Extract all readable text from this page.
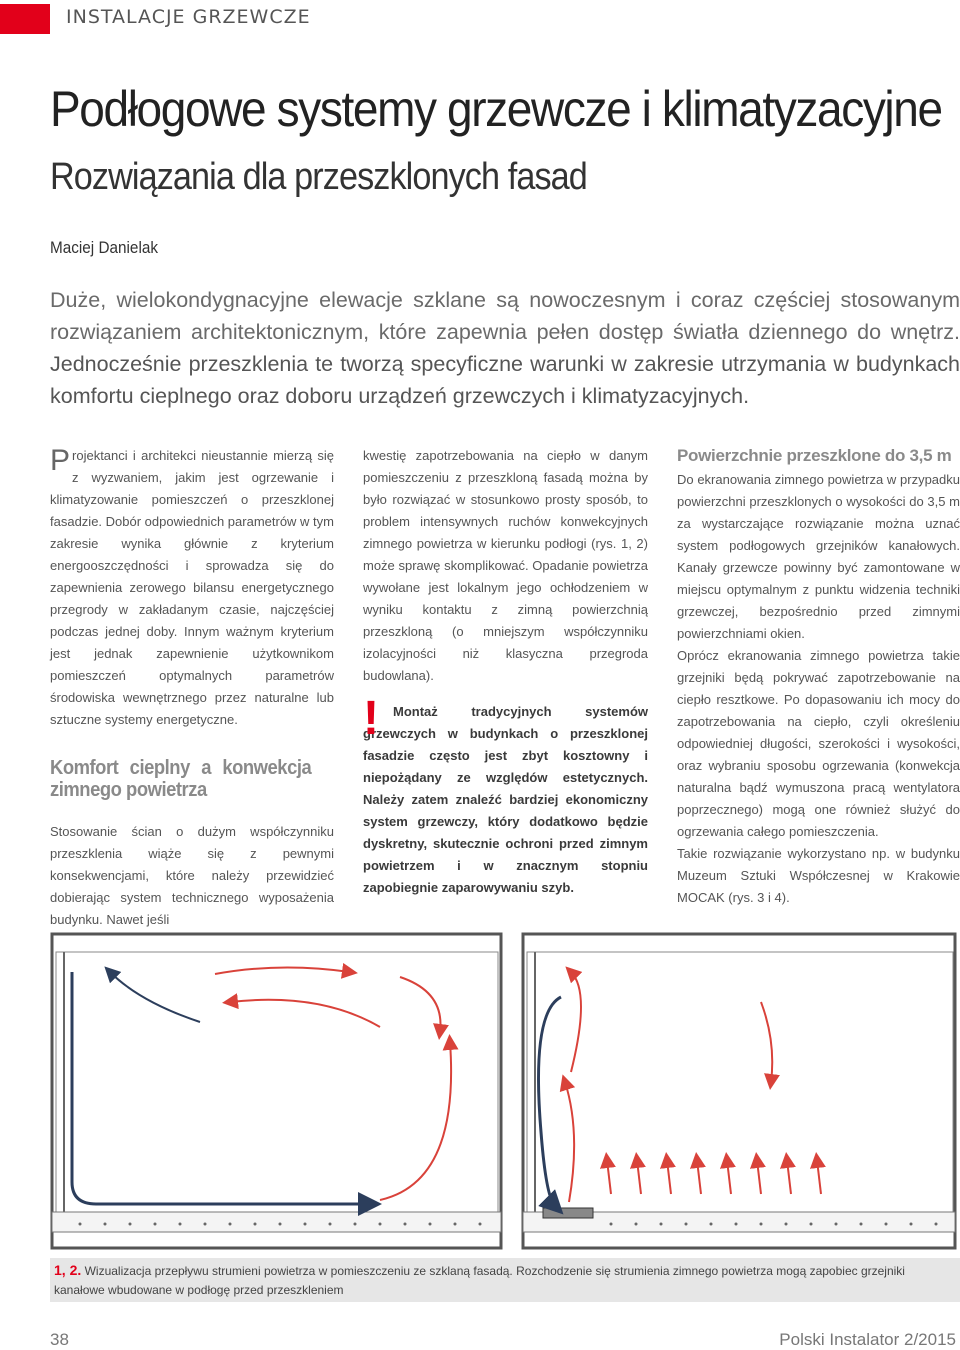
INSTALACJE GRZEWCZE
Podłogowe systemy grzewcze i klimatyzacyjne
Rozwiązania dla przeszklonych fasad
Maciej Danielak
Duże, wielokondygnacyjne elewacje szklane są nowoczesnym i coraz częściej stosowanym rozwiązaniem architektonicznym, które zapewnia pełen dostęp światła dziennego do wnętrz. Jednocześnie przeszklenia te tworzą specyficzne warunki w zakresie utrzymania w budynkach komfortu cieplnego oraz doboru urządzeń grzewczych i klimatyzacyjnych.

Projektanci i architekci nieustannie mierzą się z wyzwaniem, jakim jest ogrzewanie i klimatyzowanie pomieszczeń o przeszklonej fasadzie. Dobór odpowiednich parametrów w tym zakresie wynika głównie z kryterium energooszczędności i sprowadza się do zapewnienia zerowego bilansu energetycznego przegrody w zakładanym czasie, najczęściej podczas jednej doby. Innym ważnym kryterium jest jednak zapewnienie użytkownikom pomieszczeń optymalnych parametrów środowiska wewnętrznego przez naturalne lub sztuczne systemy energetyczne.

Komfort cieplny a konwekcja zimnego powietrza

Stosowanie ścian o dużym współczynniku przeszklenia wiąże się z pewnymi konsekwencjami, które należy przewidzieć dobierając system technicznego wyposażenia budynku. Nawet jeśli

kwestię zapotrzebowania na ciepło w danym pomieszczeniu z przeszkloną fasadą można by było rozwiązać w stosunkowo prosty sposób, to problem intensywnych ruchów konwekcyjnych zimnego powietrza w kierunku podłogi (rys. 1, 2) może sprawę skomplikować. Opadanie powietrza wywołane jest lokalnym jego ochłodzeniem w wyniku kontaktu z zimną powierzchnią przeszkloną (o mniejszym współczynniku izolacyjności niż klasyczna przegroda budowlana).

! Montaż tradycyjnych systemów grzewczych w budynkach o przeszklonej fasadzie często jest zbyt kosztowny i niepożądany ze względów estetycznych. Należy zatem znaleźć bardziej ekonomiczny system grzewczy, który dodatkowo będzie dyskretny, skutecznie ochroni przed zimnym powietrzem i w znacznym stopniu zapobiegnie zaparowywaniu szyb.
Powierzchnie przeszklone do 3,5 m

Do ekranowania zimnego powietrza w przypadku powierzchni przeszklonych o wysokości do 3,5 m za wystarczające rozwiązanie można uznać system podłogowych grzejników kanałowych. Kanały grzewcze powinny być zamontowane w miejscu optymalnym z punktu widzenia techniki grzewczej, bezpośrednio przed zimnymi powierzchniami okien.

Oprócz ekranowania zimnego powietrza takie grzejniki będą pokrywać zapotrzebowanie na ciepło resztkowe. Po dopasowaniu ich mocy do zapotrzebowania na ciepło, czyli określeniu odpowiedniej długości, szerokości i wysokości, oraz wybraniu sposobu ogrzewania (konwekcja naturalna bądź wymuszona pracą wentylatora poprzecznego) mogą one również służyć do ogrzewania całego pomieszczenia.

Takie rozwiązanie wykorzystano np. w budynku Muzeum Sztuki Współczesnej w Krakowie MOCAK (rys. 3 i 4).

1, 2. Wizualizacja przepływu strumieni powietrza w pomieszczeniu ze szklaną fasadą. Rozchodzenie się strumienia zimnego powietrza mogą zapobiec grzejniki kanałowe wbudowane w podłogę przed przeszkleniem
38	Polski Instalator 2/2015
